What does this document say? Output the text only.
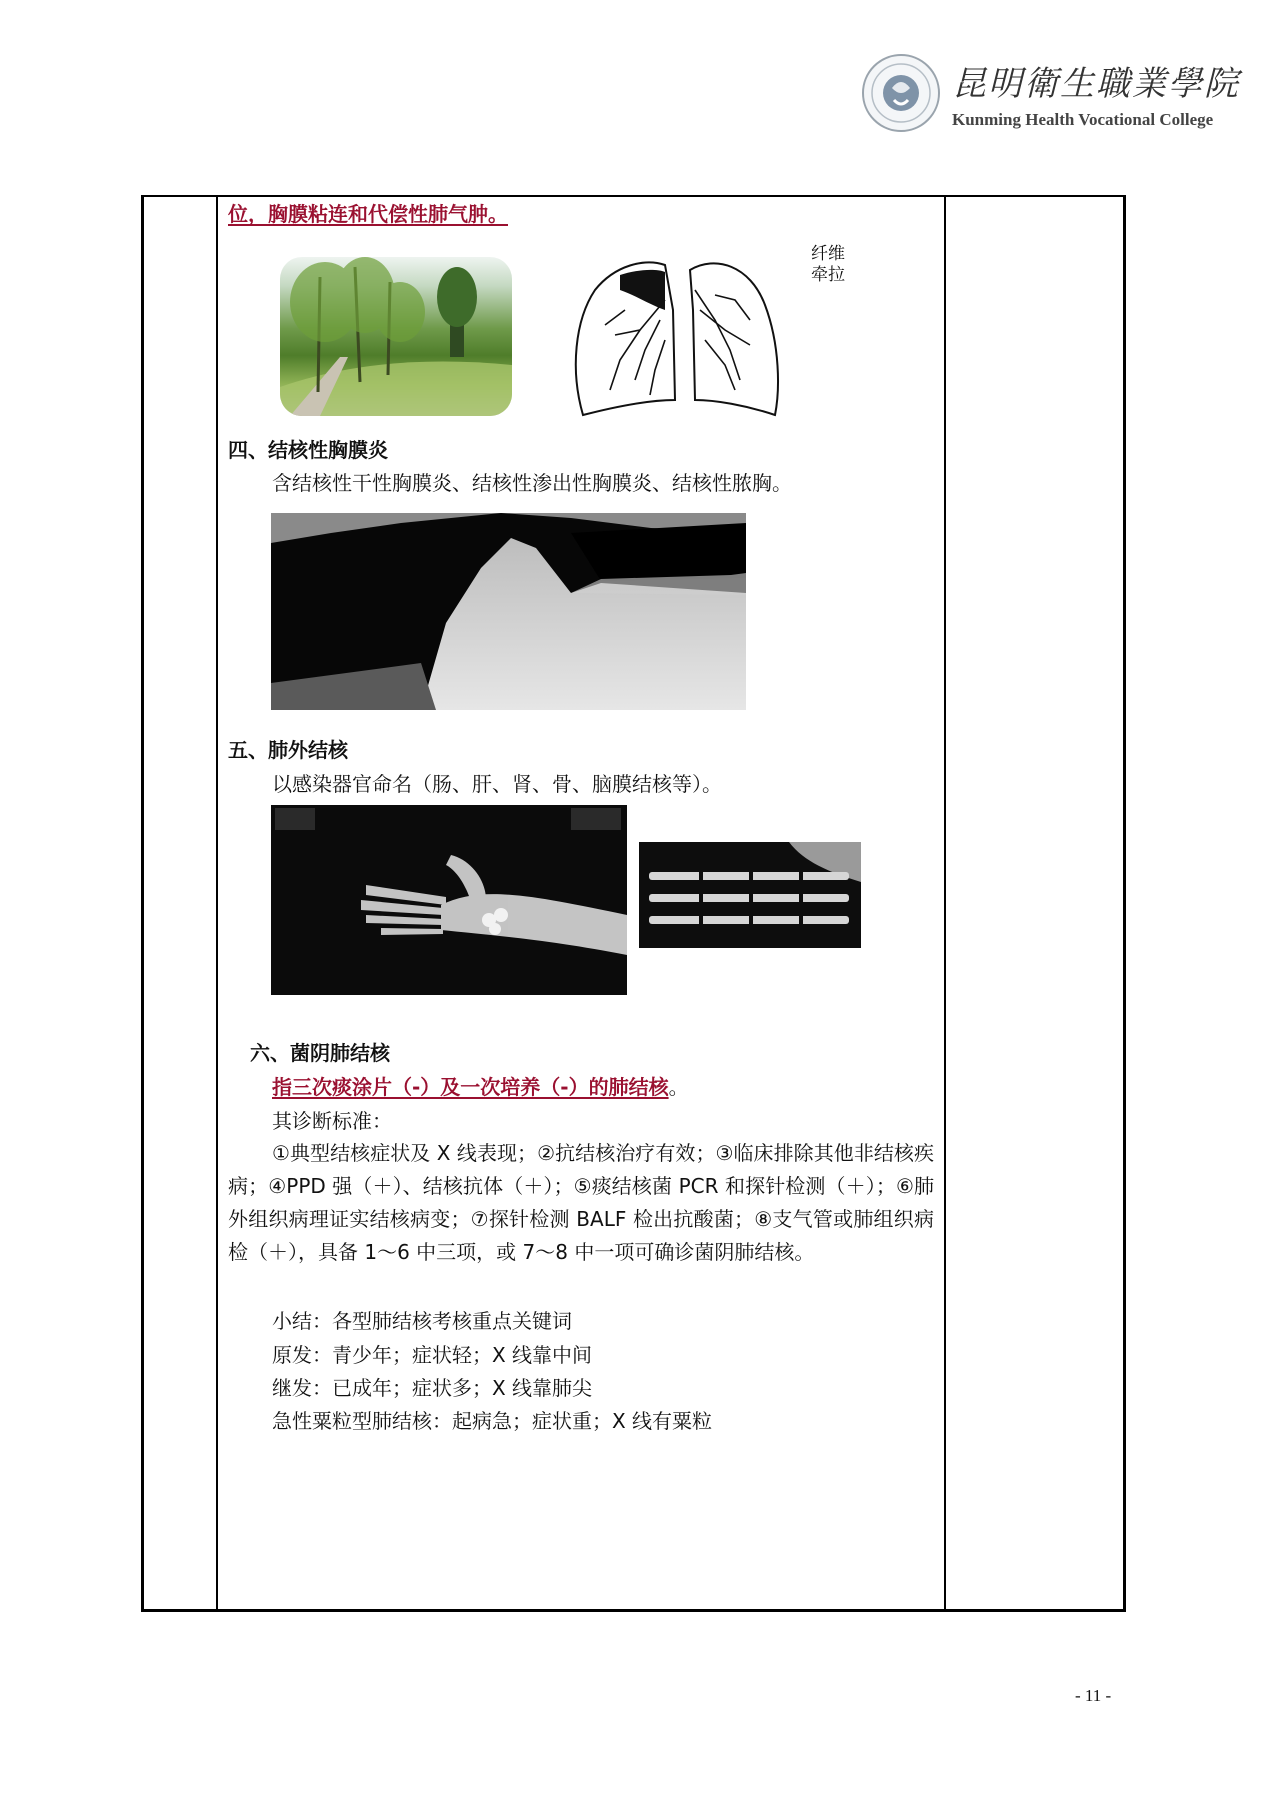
昆明衛生職業學院
Kunming Health Vocational College
位，胸膜粘连和代偿性肺气肿。
纤维
牵拉
四、结核性胸膜炎
含结核性干性胸膜炎、结核性渗出性胸膜炎、结核性脓胸。
五、肺外结核
以感染器官命名（肠、肝、肾、骨、脑膜结核等）。
六、菌阴肺结核
指三次痰涂片（-）及一次培养（-）的肺结核。
其诊断标准：
①典型结核症状及 X 线表现；②抗结核治疗有效；③临床排除其他非结核疾病；④PPD 强（＋）、结核抗体（＋）；⑤痰结核菌 PCR 和探针检测（＋）；⑥肺外组织病理证实结核病变；⑦探针检测 BALF 检出抗酸菌；⑧支气管或肺组织病检（＋），具备 1～6 中三项，或 7～8 中一项可确诊菌阴肺结核。
小结：各型肺结核考核重点关键词
原发：青少年；症状轻；X 线靠中间
继发：已成年；症状多；X 线靠肺尖
急性粟粒型肺结核：起病急；症状重；X 线有粟粒
- 11 -
